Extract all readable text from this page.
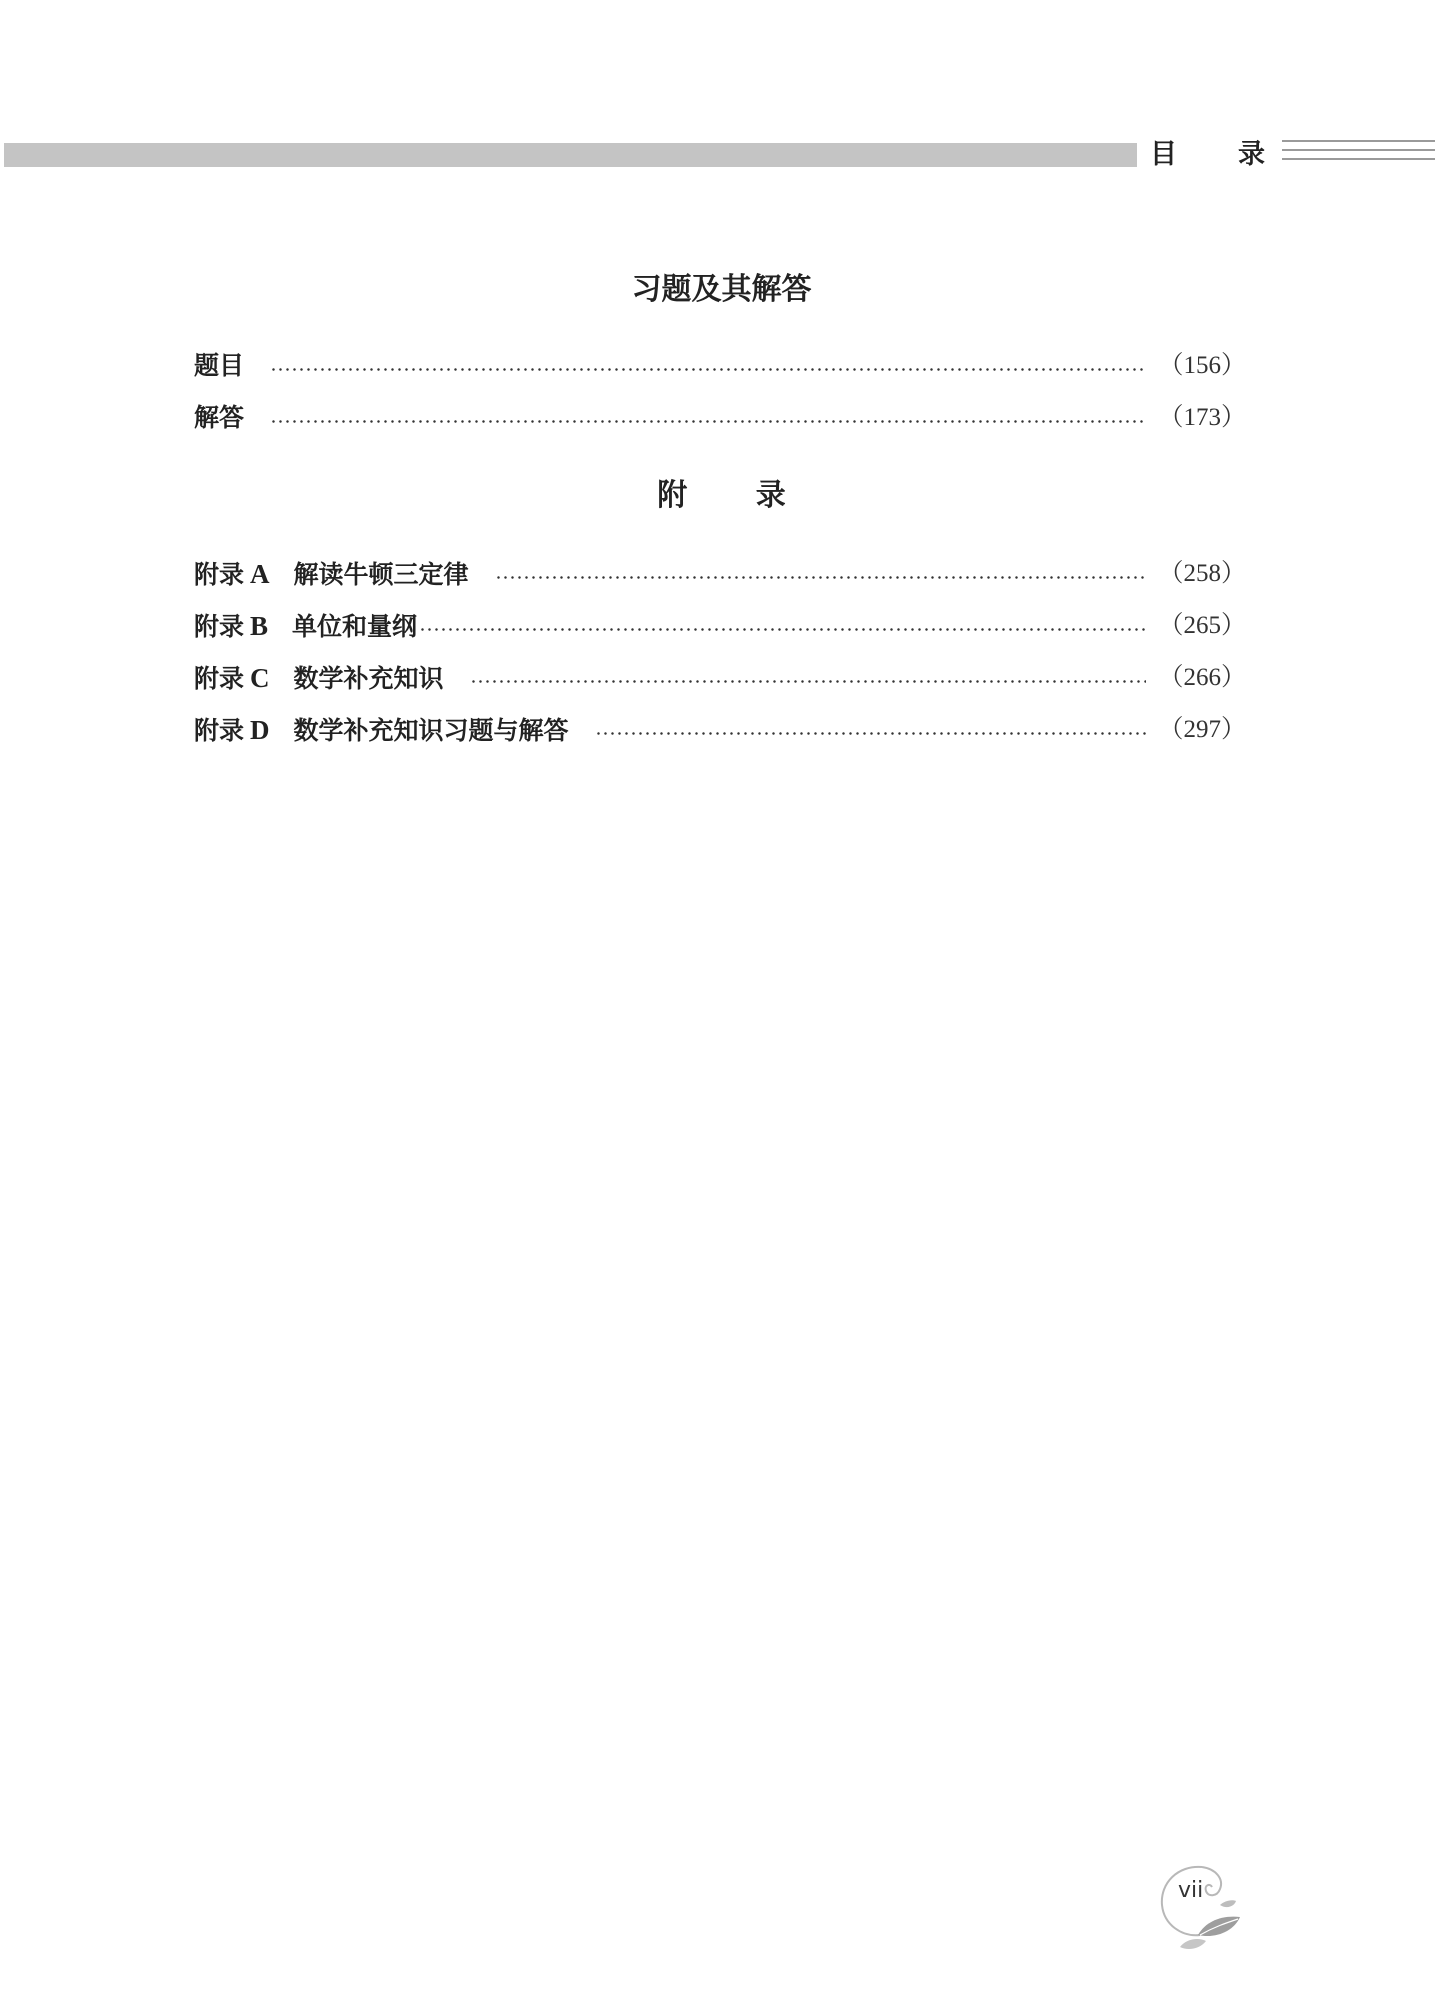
目 录
习题及其解答
题目	（156）
解答	（173）
附 录
附录 A 解读牛顿三定律	（258）
附录 B 单位和量纲	（265）
附录 C 数学补充知识	（266）
附录 D 数学补充知识习题与解答	（297）
vii
